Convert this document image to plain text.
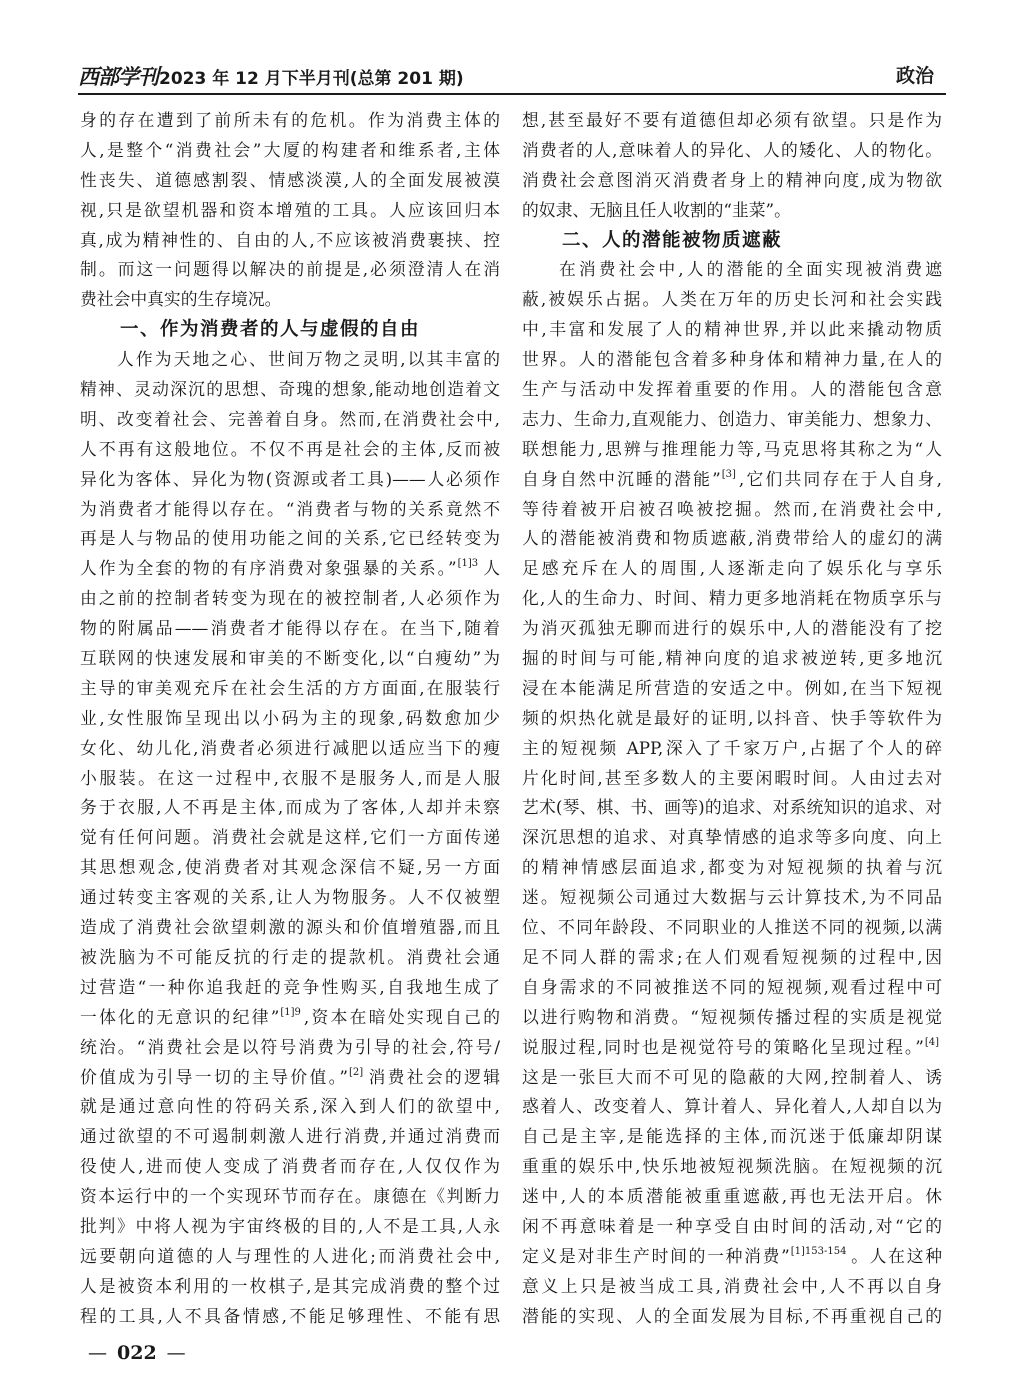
西部学刊2023 年 12 月下半月刊(总第 201 期)	政治
身的存在遭到了前所未有的危机。作为消费主体的
人,是整个“消费社会”大厦的构建者和维系者,主体
性丧失、道德感割裂、情感淡漠,人的全面发展被漠
视,只是欲望机器和资本增殖的工具。人应该回归本
真,成为精神性的、自由的人,不应该被消费裹挟、控
制。而这一问题得以解决的前提是,必须澄清人在消
费社会中真实的生存境况。
一、作为消费者的人与虚假的自由
人作为天地之心、世间万物之灵明,以其丰富的
精神、灵动深沉的思想、奇瑰的想象,能动地创造着文
明、改变着社会、完善着自身。然而,在消费社会中,
人不再有这般地位。不仅不再是社会的主体,反而被
异化为客体、异化为物(资源或者工具)——人必须作
为消费者才能得以存在。“消费者与物的关系竟然不
再是人与物品的使用功能之间的关系,它已经转变为
人作为全套的物的有序消费对象强暴的关系。”$^{[1]3}$ 人
由之前的控制者转变为现在的被控制者,人必须作为
物的附属品——消费者才能得以存在。在当下,随着
互联网的快速发展和审美的不断变化,以“白瘦幼”为
主导的审美观充斥在社会生活的方方面面,在服装行
业,女性服饰呈现出以小码为主的现象,码数愈加少
女化、幼儿化,消费者必须进行减肥以适应当下的瘦
小服装。在这一过程中,衣服不是服务人,而是人服
务于衣服,人不再是主体,而成为了客体,人却并未察
觉有任何问题。消费社会就是这样,它们一方面传递
其思想观念,使消费者对其观念深信不疑,另一方面
通过转变主客观的关系,让人为物服务。人不仅被塑
造成了消费社会欲望刺激的源头和价值增殖器,而且
被洗脑为不可能反抗的行走的提款机。消费社会通
过营造“一种你追我赶的竞争性购买,自我地生成了
一体化的无意识的纪律”$^{[1]9}$ ,资本在暗处实现自己的
统治。“消费社会是以符号消费为引导的社会,符号/
价值成为引导一切的主导价值。”[2] 消费社会的逻辑
就是通过意向性的符码关系,深入到人们的欲望中,
通过欲望的不可遏制刺激人进行消费,并通过消费而
役使人,进而使人变成了消费者而存在,人仅仅作为
资本运行中的一个实现环节而存在。康德在《判断力
批判》中将人视为宇宙终极的目的,人不是工具,人永
远要朝向道德的人与理性的人进化;而消费社会中,
人是被资本利用的一枚棋子,是其完成消费的整个过
程的工具,人不具备情感,不能足够理性、不能有思
想,甚至最好不要有道德但却必须有欲望。只是作为
消费者的人,意味着人的异化、人的矮化、人的物化。
消费社会意图消灭消费者身上的精神向度,成为物欲
的奴隶、无脑且任人收割的“韭菜”。
二、人的潜能被物质遮蔽
在消费社会中,人的潜能的全面实现被消费遮
蔽,被娱乐占据。人类在万年的历史长河和社会实践
中,丰富和发展了人的精神世界,并以此来撬动物质
世界。人的潜能包含着多种身体和精神力量,在人的
生产与活动中发挥着重要的作用。人的潜能包含意
志力、生命力,直观能力、创造力、审美能力、想象力、
联想能力,思辨与推理能力等,马克思将其称之为“人
自身自然中沉睡的潜能”[3] ,它们共同存在于人自身,
等待着被开启被召唤被挖掘。然而,在消费社会中,
人的潜能被消费和物质遮蔽,消费带给人的虚幻的满
足感充斥在人的周围,人逐渐走向了娱乐化与享乐
化,人的生命力、时间、精力更多地消耗在物质享乐与
为消灭孤独无聊而进行的娱乐中,人的潜能没有了挖
掘的时间与可能,精神向度的追求被逆转,更多地沉
浸在本能满足所营造的安适之中。例如,在当下短视
频的炽热化就是最好的证明,以抖音、快手等软件为
主的短视频 APP,深入了千家万户,占据了个人的碎
片化时间,甚至多数人的主要闲暇时间。人由过去对
艺术(琴、棋、书、画等)的追求、对系统知识的追求、对
深沉思想的追求、对真挚情感的追求等多向度、向上
的精神情感层面追求,都变为对短视频的执着与沉
迷。短视频公司通过大数据与云计算技术,为不同品
位、不同年龄段、不同职业的人推送不同的视频,以满
足不同人群的需求;在人们观看短视频的过程中,因
自身需求的不同被推送不同的短视频,观看过程中可
以进行购物和消费。“短视频传播过程的实质是视觉
说服过程,同时也是视觉符号的策略化呈现过程。”[4]
这是一张巨大而不可见的隐蔽的大网,控制着人、诱
惑着人、改变着人、算计着人、异化着人,人却自以为
自己是主宰,是能选择的主体,而沉迷于低廉却阴谋
重重的娱乐中,快乐地被短视频洗脑。在短视频的沉
迷中,人的本质潜能被重重遮蔽,再也无法开启。休
闲不再意味着是一种享受自由时间的活动,对“它的
定义是对非生产时间的一种消费”$^{[1]153-154}$ 。人在这种
意义上只是被当成工具,消费社会中,人不再以自身
潜能的实现、人的全面发展为目标,不再重视自己的
— 022 —
